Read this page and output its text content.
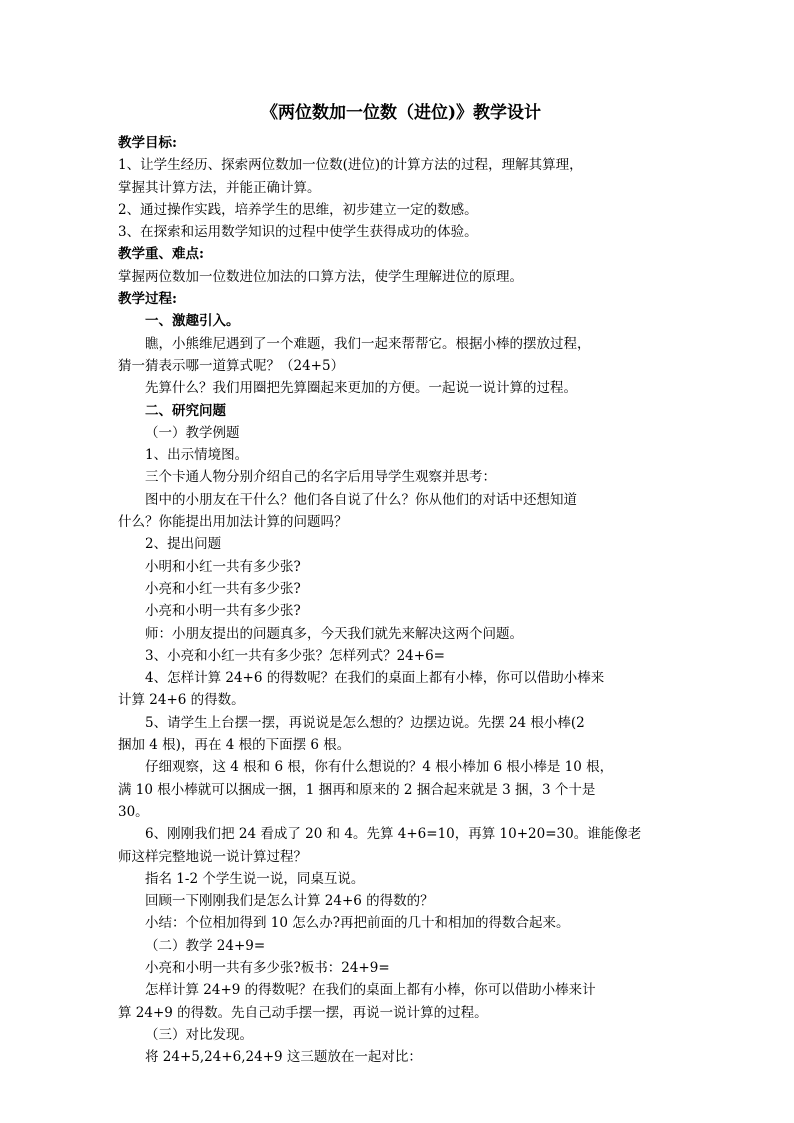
《两位数加一位数（进位)》教学设计
教学目标:
1、让学生经历、探索两位数加一位数(进位)的计算方法的过程，理解其算理，
掌握其计算方法，并能正确计算。
2、通过操作实践，培养学生的思维，初步建立一定的数感。
3、在探索和运用数学知识的过程中使学生获得成功的体验。
教学重、难点:
掌握两位数加一位数进位加法的口算方法，使学生理解进位的原理。
教学过程:
一、激趣引入。
瞧，小熊维尼遇到了一个难题，我们一起来帮帮它。根据小棒的摆放过程，
猜一猜表示哪一道算式呢？（24+5）
先算什么？我们用圈把先算圈起来更加的方便。一起说一说计算的过程。
二、研究问题
（一）教学例题
1、出示情境图。
三个卡通人物分别介绍自己的名字后用导学生观察并思考：
图中的小朋友在干什么？他们各自说了什么？你从他们的对话中还想知道
什么？你能提出用加法计算的问题吗？
2、提出问题
小明和小红一共有多少张?
小亮和小红一共有多少张?
小亮和小明一共有多少张?
师：小朋友提出的问题真多，今天我们就先来解决这两个问题。
3、小亮和小红一共有多少张？怎样列式？24+6=
4、怎样计算 24+6 的得数呢？在我们的桌面上都有小棒，你可以借助小棒来
计算 24+6 的得数。
5、请学生上台摆一摆，再说说是怎么想的？边摆边说。先摆 24 根小棒(2
捆加 4 根)，再在 4 根的下面摆 6 根。
仔细观察，这 4 根和 6 根，你有什么想说的？4 根小棒加 6 根小棒是 10 根，
满 10 根小棒就可以捆成一捆，1 捆再和原来的 2 捆合起来就是 3 捆，3 个十是
30。
6、刚刚我们把 24 看成了 20 和 4。先算 4+6=10，再算 10+20=30。谁能像老
师这样完整地说一说计算过程？
指名 1-2 个学生说一说，同桌互说。
回顾一下刚刚我们是怎么计算 24+6 的得数的？
小结：个位相加得到 10 怎么办?再把前面的几十和相加的得数合起来。
（二）教学 24+9=
小亮和小明一共有多少张?板书：24+9=
怎样计算 24+9 的得数呢？在我们的桌面上都有小棒，你可以借助小棒来计
算 24+9 的得数。先自己动手摆一摆，再说一说计算的过程。
（三）对比发现。
将 24+5,24+6,24+9 这三题放在一起对比：
